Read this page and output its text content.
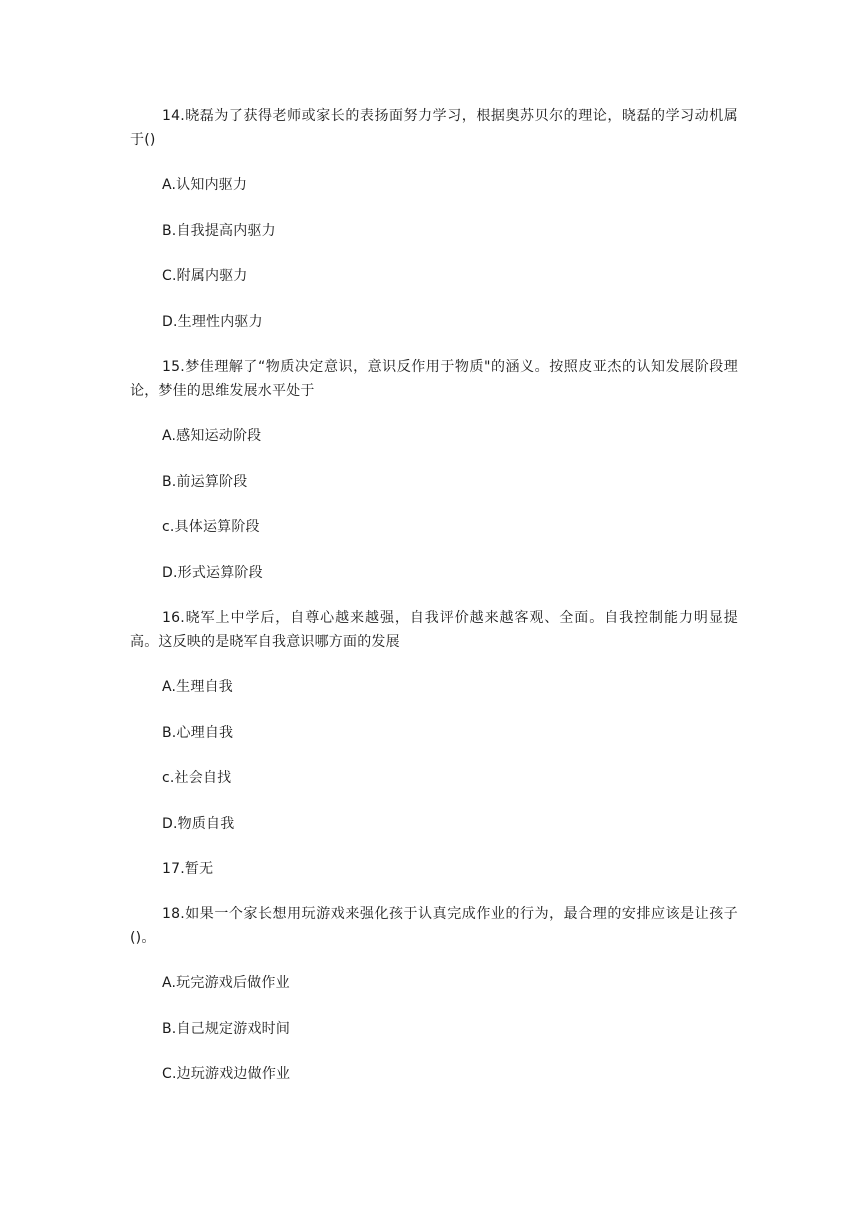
14.晓磊为了获得老师或家长的表扬面努力学习，根据奥苏贝尔的理论，晓磊的学习动机属于()

A.认知内驱力

B.自我提高内驱力

C.附属内驱力

D.生理性内驱力

15.梦佳理解了“物质决定意识，意识反作用于物质"的涵义。按照皮亚杰的认知发展阶段理论，梦佳的思维发展水平处于

A.感知运动阶段

B.前运算阶段

c.具体运算阶段

D.形式运算阶段

16.晓军上中学后，自尊心越来越强，自我评价越来越客观、全面。自我控制能力明显提高。这反映的是晓军自我意识哪方面的发展

A.生理自我

B.心理自我

c.社会自找

D.物质自我

17.暂无

18.如果一个家长想用玩游戏来强化孩于认真完成作业的行为，最合理的安排应该是让孩子()。

A.玩完游戏后做作业

B.自己规定游戏时间

C.边玩游戏边做作业
